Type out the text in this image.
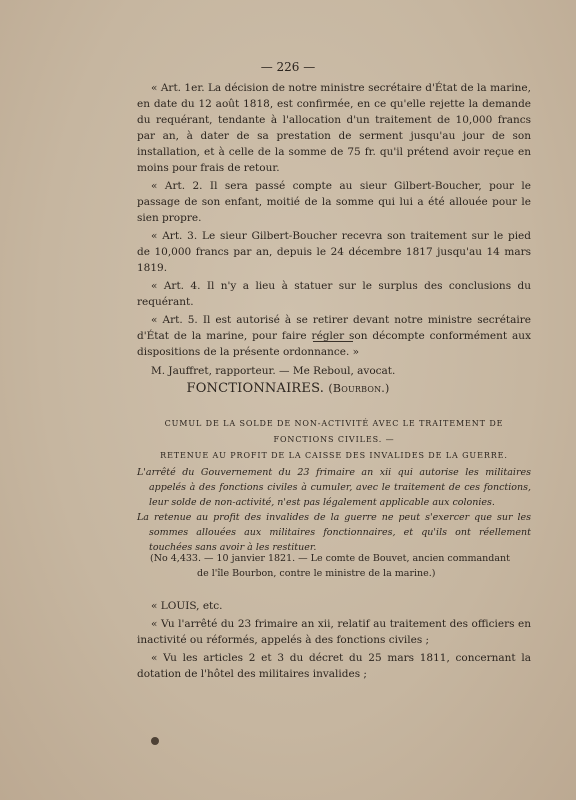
— 226 —

« Art. 1er. La décision de notre ministre secrétaire d'État de la marine, en date du 12 août 1818, est confirmée, en ce qu'elle rejette la demande du requérant, tendante à l'allocation d'un traitement de 10,000 francs par an, à dater de sa prestation de serment jusqu'au jour de son installation, et à celle de la somme de 75 fr. qu'il prétend avoir reçue en moins pour frais de retour.

« Art. 2. Il sera passé compte au sieur Gilbert-Boucher, pour le passage de son enfant, moitié de la somme qui lui a été allouée pour le sien propre.

« Art. 3. Le sieur Gilbert-Boucher recevra son traitement sur le pied de 10,000 francs par an, depuis le 24 décembre 1817 jusqu'au 14 mars 1819.

« Art. 4. Il n'y a lieu à statuer sur le surplus des conclusions du requérant.

« Art. 5. Il est autorisé à se retirer devant notre ministre secrétaire d'État de la marine, pour faire régler son décompte conformément aux dispositions de la présente ordonnance. »

M. Jauffret, rapporteur. — Me Reboul, avocat.

FONCTIONNAIRES. (Bourbon.)
CUMUL DE LA SOLDE DE NON-ACTIVITÉ AVEC LE TRAITEMENT DE FONCTIONS CIVILES. —
RETENUE AU PROFIT DE LA CAISSE DES INVALIDES DE LA GUERRE.

L'arrêté du Gouvernement du 23 frimaire an xii qui autorise les militaires appelés à des fonctions civiles à cumuler, avec le traitement de ces fonctions, leur solde de non-activité, n'est pas légalement applicable aux colonies.

La retenue au profit des invalides de la guerre ne peut s'exercer que sur les sommes allouées aux militaires fonctionnaires, et qu'ils ont réellement touchées sans avoir à les restituer.

(No 4,433. — 10 janvier 1821. — Le comte de Bouvet, ancien commandant
de l'île Bourbon, contre le ministre de la marine.)

« LOUIS, etc.

« Vu l'arrêté du 23 frimaire an xii, relatif au traitement des officiers en inactivité ou réformés, appelés à des fonctions civiles ;

« Vu les articles 2 et 3 du décret du 25 mars 1811, concernant la dotation de l'hôtel des militaires invalides ;
